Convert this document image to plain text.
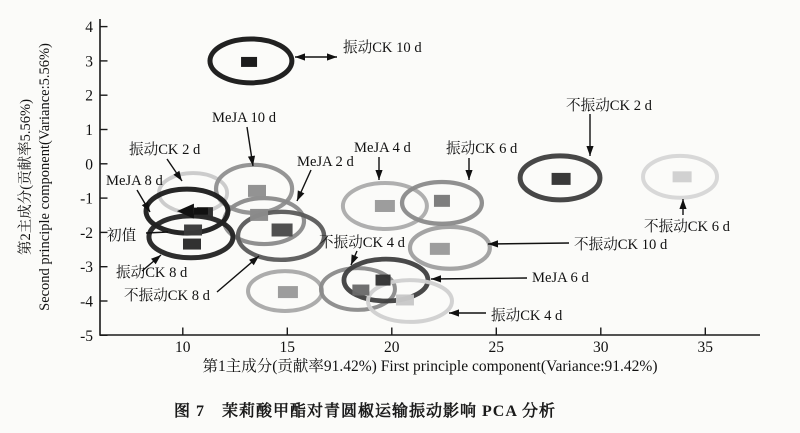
4
3
2
1
0
-1
-2
-3
-4
-5
10	15	20	25	30	35
第1主成分(贡献率91.42%) First principle component(Variance:91.42%)
第2主成分(贡献率5.56%) Second principle component(Variance:5.56%)	振动CK 10 d
MeJA 10 d
不振动CK 2 d
MeJA 4 d 振动CK 6 d
振动CK 2 d
MeJA 2 d
MeJA 8 d
初值
振动CK 8 d
不振动CK 8 d
不振动CK 4 d	不振动CK 10 d
MeJA 6 d
不振动CK 6 d
振动CK 4 d
图 7　茉莉酸甲酯对青圆椒运输振动影响 PCA 分析
